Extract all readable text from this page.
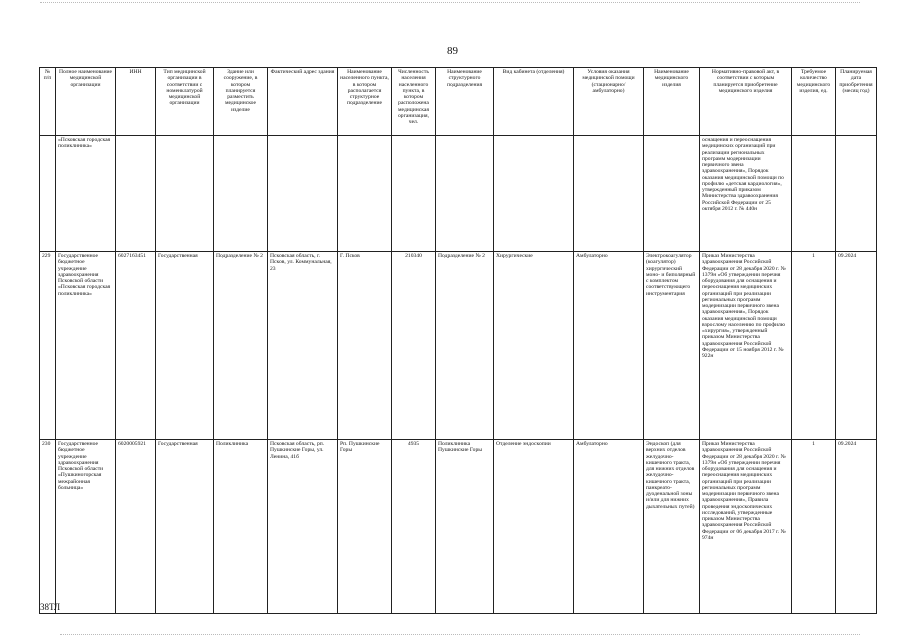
89
№ п/п	Полное наименование медицинской организации	ИНН	Тип медицинской организации в соответствии с номенклатурой медицинской организации	Здание или сооружение, в котором планируется разместить медицинское изделие	Фактический адрес здания	Наименование населенного пункта, в котором располагается структурное подразделение	Численность населения населенного пункта, в котором расположена медицинская организация, чел.	Наименование структурного подразделения	Вид кабинета (отделения)	Условия оказания медицинской помощи (стационарно/амбулаторно)	Наименование медицинского изделия	Нормативно-правовой акт, в соответствии с которым планируется приобретение медицинского изделия	Требуемое количество медицинского изделия, ед.	Планируемая дата приобретения (месяц год)
	«Псковская городская поликлиника»											оснащения и переоснащения медицинских организаций при реализации региональных программ модернизации первичного звена здравоохранения», Порядок оказания медицинской помощи по профилю «детская кардиология», утвержденный приказом Министерства здравоохранения Российской Федерации от 25 октября 2012 г. № 440н		
229	Государственное бюджетное учреждение здравоохранения Псковской области «Псковская городская поликлиника»	6027163451	Государственная	Подразделение № 2	Псковская область, г. Псков, ул. Коммунальная, 23	Г. Псков	210340	Подразделение № 2	Хирургические	Амбулаторно	Электрокоагулятор (коагулятор) хирургический моно- и биполярный с комплектом соответствующего инструментария	Приказ Министерства здравоохранения Российской Федерации от 28 декабря 2020 г. № 1379н «Об утверждении перечня оборудования для оснащения и переоснащения медицинских организаций при реализации региональных программ модернизации первичного звена здравоохранения», Порядок оказания медицинской помощи взрослому населению по профилю «хирургия», утвержденный приказом Министерства здравоохранения Российской Федерации от 15 ноября 2012 г. № 922н	1	09.2024
230	Государственное бюджетное учреждение здравоохранения Псковской области «Пушкиногорская межрайонная больница»	6020005921	Государственная	Поликлиника	Псковская область, рп. Пушкинские Горы, ул. Ленина, 41б	Рп. Пушкинские Горы	4935	Поликлиника Пушкинские Горы	Отделение эндоскопии	Амбулаторно	Эндоскоп (для верхних отделов желудочно-кишечного тракта, для нижних отделов желудочно-кишечного тракта, панкреато-дуоденальной зоны и/или для нижних дыхательных путей)	Приказ Министерства здравоохранения Российской Федерации от 28 декабря 2020 г. № 1379н «Об утверждении перечня оборудования для оснащения и переоснащения медицинских организаций при реализации региональных программ модернизации первичного звена здравоохранения», Правила проведения эндоскопических исследований, утвержденные приказом Министерства здравоохранения Российской Федерации от 06 декабря 2017 г. № 974н	1	09.2024
38ТЛ
